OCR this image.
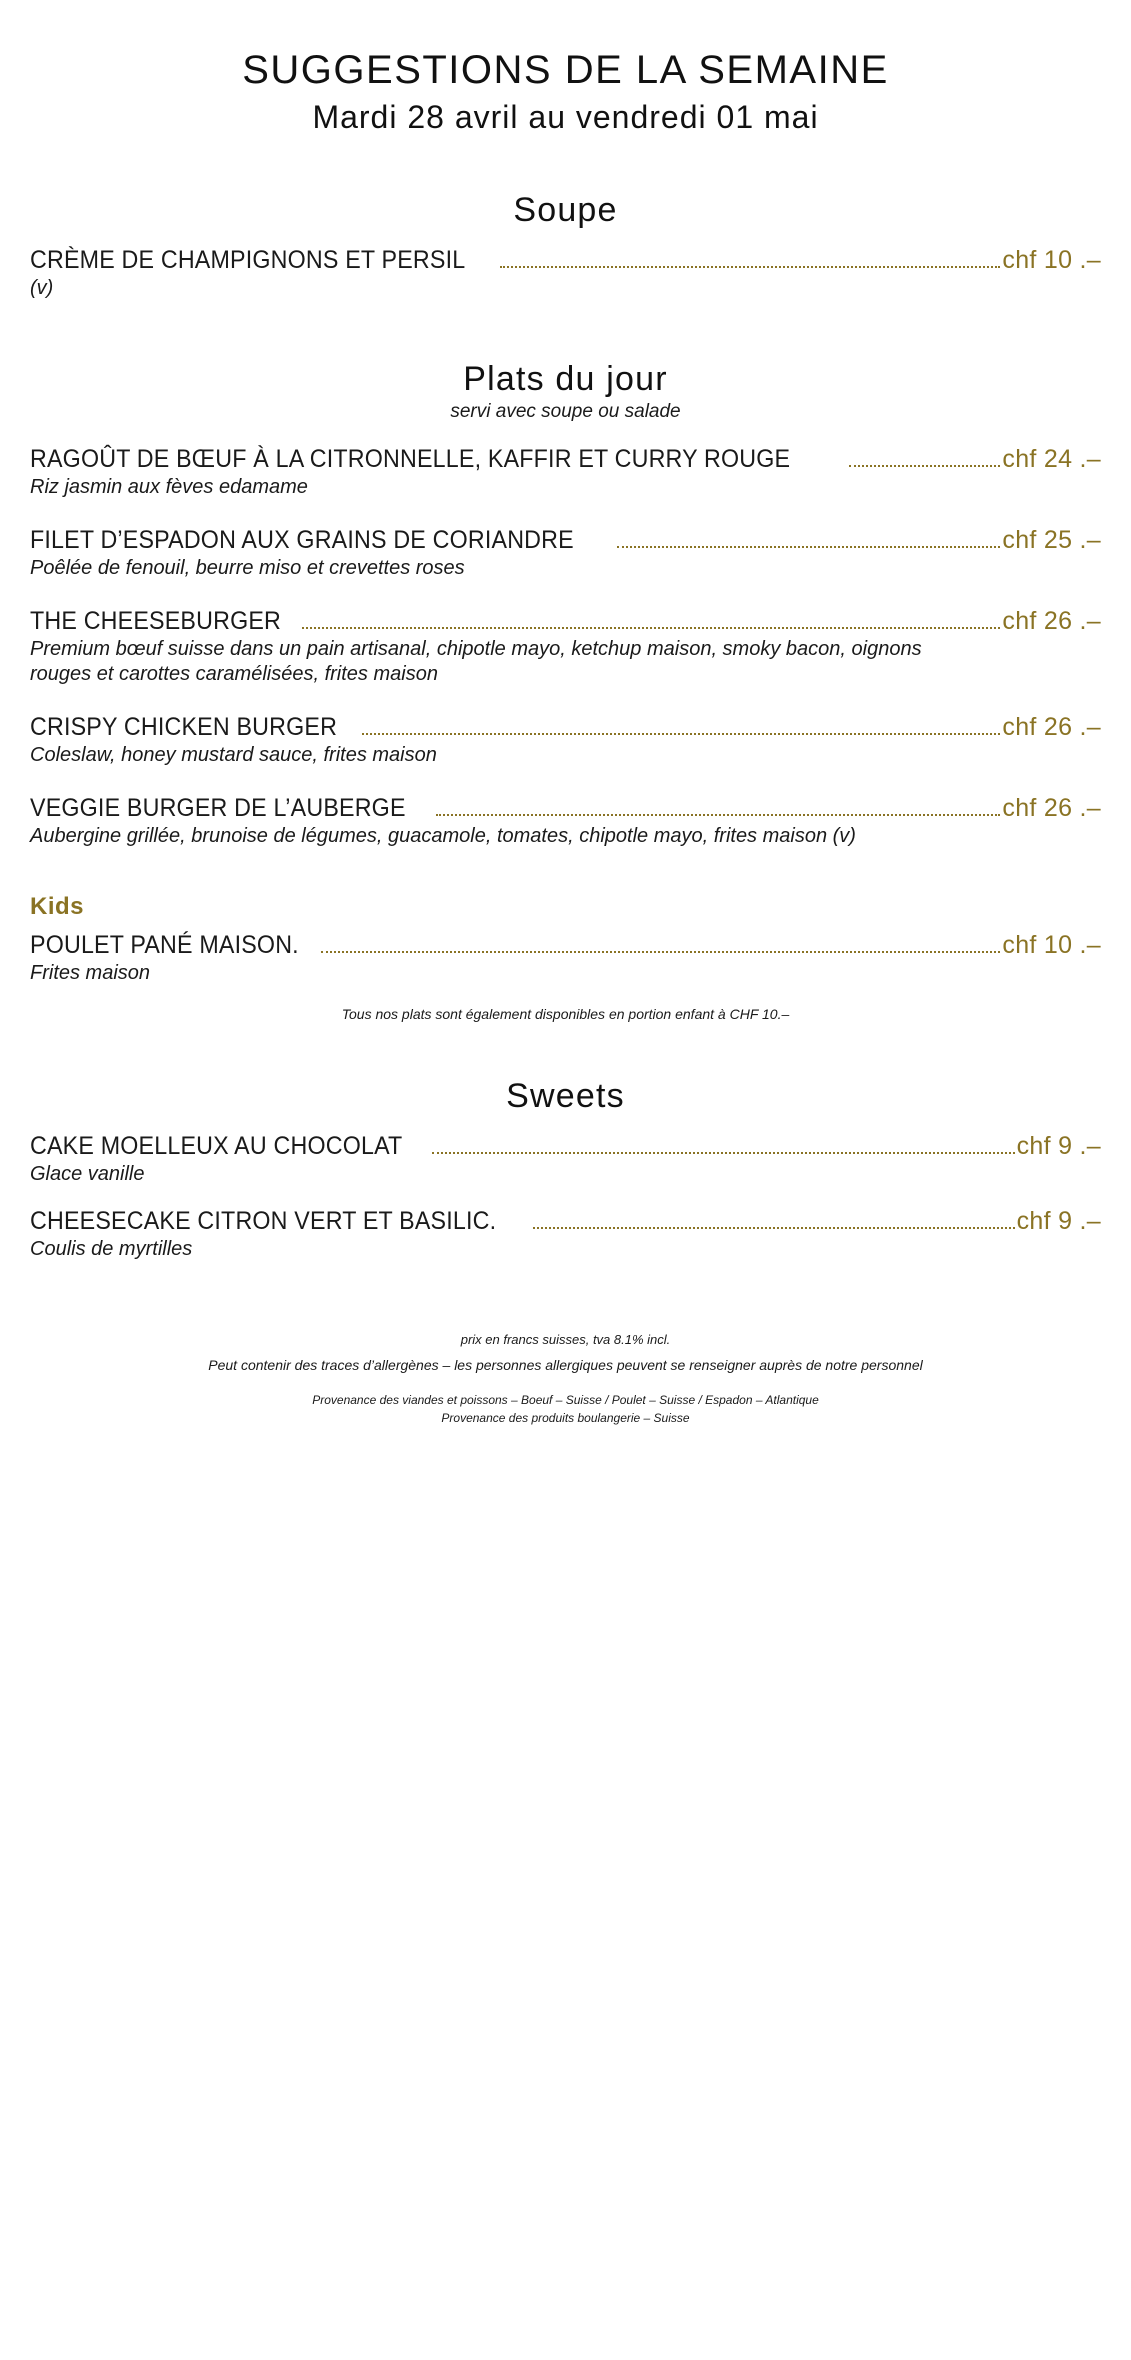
SUGGESTIONS DE LA SEMAINE
Mardi 28 avril au vendredi 01 mai
Soupe
CRÈME DE CHAMPIGNONS ET PERSIL	chf 10 .–
(v)
Plats du jour
servi avec soupe ou salade
RAGOÛT DE BŒUF À LA CITRONNELLE, KAFFIR ET CURRY ROUGE	chf 24 .–
Riz jasmin aux fèves edamame
FILET D’ESPADON AUX GRAINS DE CORIANDRE	chf 25 .–
Poêlée de fenouil, beurre miso et crevettes roses
THE CHEESEBURGER	chf 26 .–
Premium bœuf suisse dans un pain artisanal, chipotle mayo, ketchup maison, smoky bacon, oignons rouges et carottes caramélisées, frites maison
CRISPY CHICKEN BURGER	chf 26 .–
Coleslaw, honey mustard sauce, frites maison
VEGGIE BURGER DE L’AUBERGE	chf 26 .–
Aubergine grillée, brunoise de légumes, guacamole, tomates, chipotle mayo, frites maison (v)
Kids
POULET PANÉ MAISON.	chf 10 .–
Frites maison
Tous nos plats sont également disponibles en portion enfant à CHF 10.–
Sweets
CAKE MOELLEUX AU CHOCOLAT	chf 9 .–
Glace vanille
CHEESECAKE CITRON VERT ET BASILIC.	chf 9 .–
Coulis de myrtilles
prix en francs suisses, tva 8.1% incl.
Peut contenir des traces d’allergènes – les personnes allergiques peuvent se renseigner auprès de notre personnel
Provenance des viandes et poissons – Boeuf – Suisse / Poulet – Suisse / Espadon – Atlantique
Provenance des produits boulangerie – Suisse
